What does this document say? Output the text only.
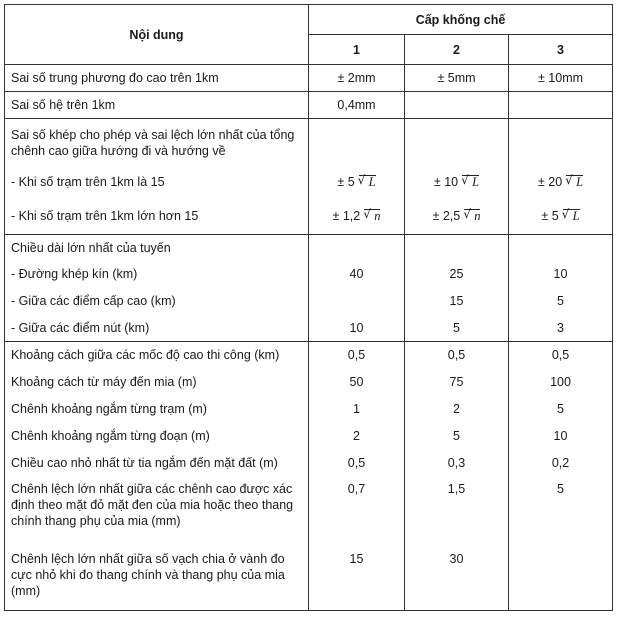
Nội dung	Cấp khống chế		
	1	2	3
Sai số trung phương đo cao trên 1km	± 2mm	± 5mm	± 10mm
Sai số hệ trên 1km	0,4mm		
Sai số khép cho phép và sai lệch lớn nhất của tổng chênh cao giữa hướng đi và hướng về			
- Khi số trạm trên 1km là 15	± 5 √ L	± 10 √ L	± 20 √ L
- Khi số trạm trên 1km lớn hơn 15	± 1,2 √ n	± 2,5 √ n	± 5 √ L
Chiều dài lớn nhất của tuyến			
- Đường khép kín (km)	40	25	10
- Giữa các điểm cấp cao (km)		15	5
- Giữa các điểm nút (km)	10	5	3
Khoảng cách giữa các mốc độ cao thi công (km)	0,5	0,5	0,5
Khoảng cách từ máy đến mia (m)	50	75	100
Chênh khoảng ngắm từng trạm (m)	1	2	5
Chênh khoảng ngắm từng đoạn (m)	2	5	10
Chiều cao nhỏ nhất từ tia ngắm đến mặt đất (m)	0,5	0,3	0,2
Chênh lệch lớn nhất giữa các chênh cao được xác định theo mặt đỏ mặt đen của mia hoặc theo thang chính thang phụ của mia (mm)	0,7	1,5	5
Chênh lệch lớn nhất giữa số vạch chia ở vành đo cực nhỏ khi đo thang chính và thang phụ của mia (mm)	15	30	
